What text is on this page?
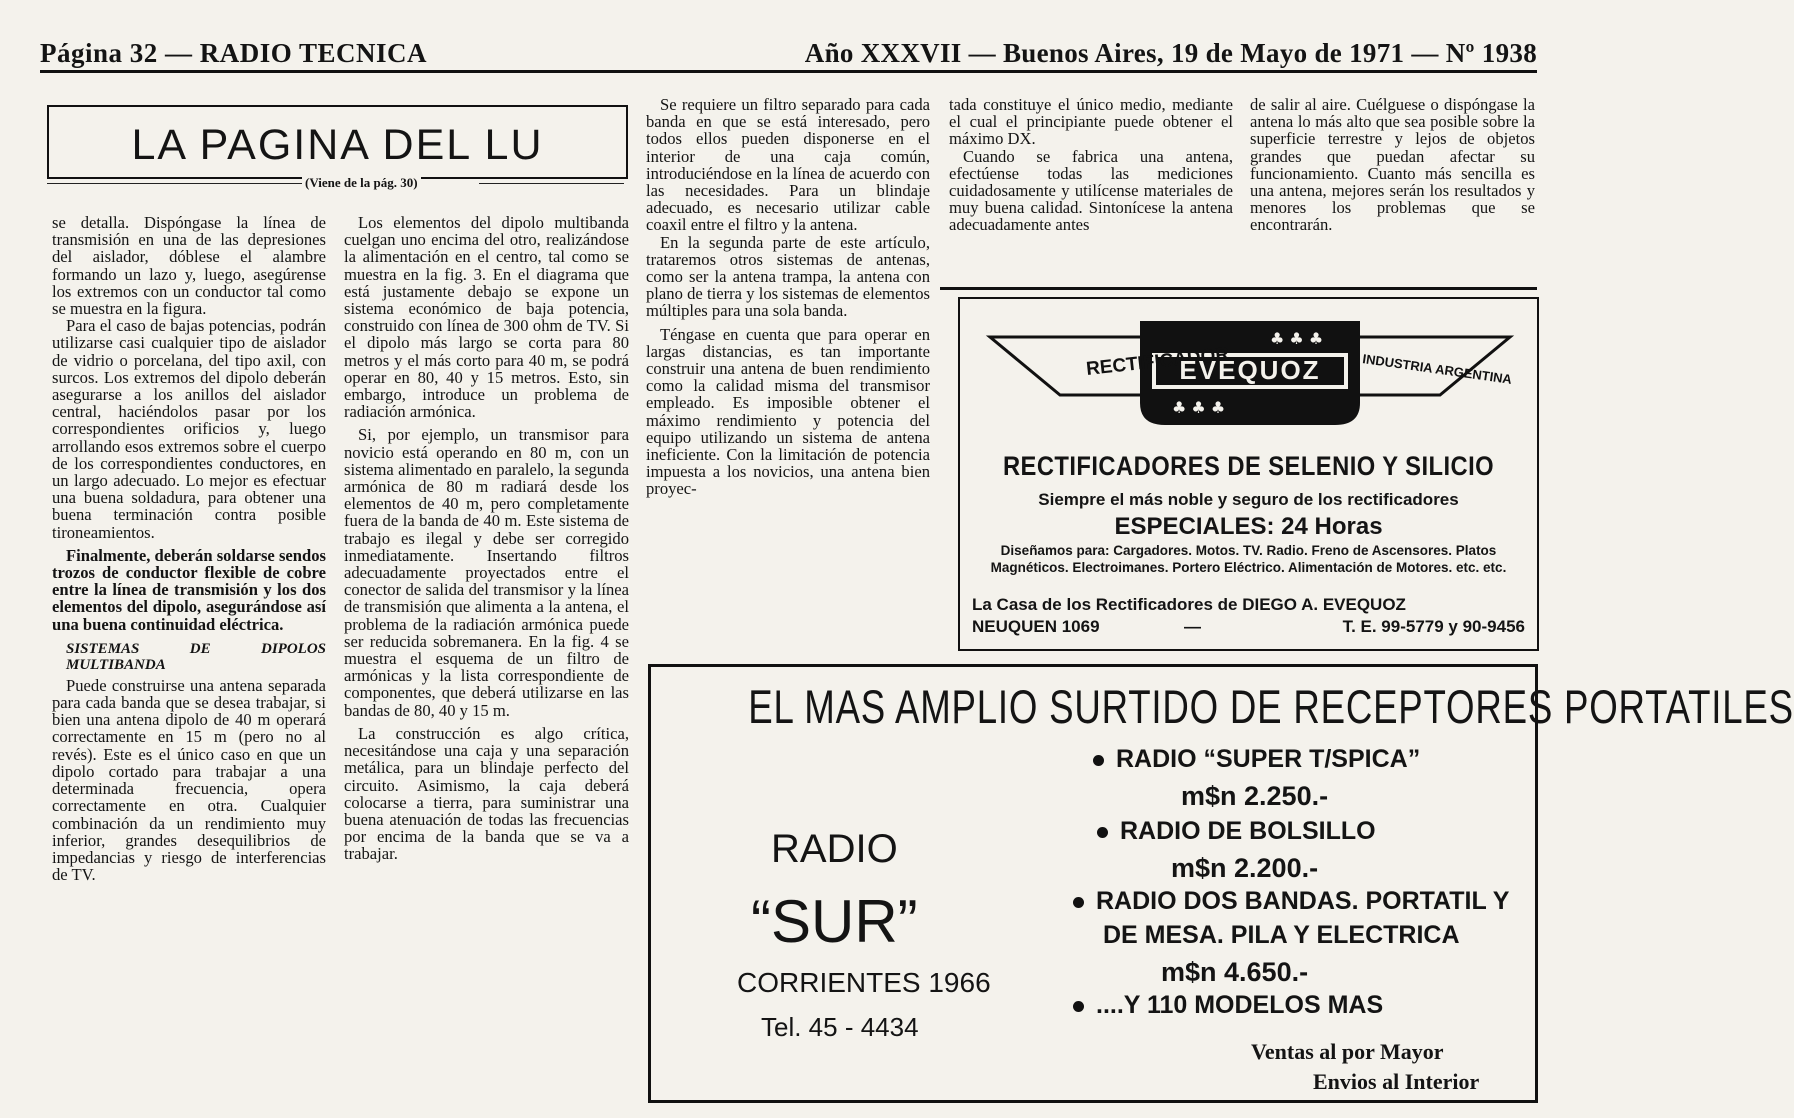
Página 32 — RADIO TECNICA	Año XXXVII — Buenos Aires, 19 de Mayo de 1971 — Nº 1938
LA PAGINA DEL LU
(Viene de la pág. 30)

se detalla. Dispóngase la línea de transmisión en una de las depresiones del aislador, dóblese el alambre formando un lazo y, luego, asegúrense los extremos con un conductor tal como se muestra en la figura.

Para el caso de bajas potencias, podrán utilizarse casi cualquier tipo de aislador de vidrio o porcelana, del tipo axil, con surcos. Los extremos del dipolo deberán asegurarse a los anillos del aislador central, haciéndolos pasar por los correspondientes orificios y, luego arrollando esos extremos sobre el cuerpo de los correspondientes conductores, en un largo adecuado. Lo mejor es efectuar una buena soldadura, para obtener una buena terminación contra posible tironeamientos.

Finalmente, deberán soldarse sendos trozos de conductor flexible de cobre entre la línea de transmisión y los dos elementos del dipolo, asegurándose así una buena continuidad eléctrica.

SISTEMAS DE DIPOLOS MULTIBANDA

Puede construirse una antena separada para cada banda que se desea trabajar, si bien una antena dipolo de 40 m operará correctamente en 15 m (pero no al revés). Este es el único caso en que un dipolo cortado para trabajar a una determinada frecuencia, opera correctamente en otra. Cualquier combinación da un rendimiento muy inferior, grandes desequilibrios de impedancias y riesgo de interferencias de TV.

Los elementos del dipolo multibanda cuelgan uno encima del otro, realizándose la alimentación en el centro, tal como se muestra en la fig. 3. En el diagrama que está justamente debajo se expone un sistema económico de baja potencia, construido con línea de 300 ohm de TV. Si el dipolo más largo se corta para 80 metros y el más corto para 40 m, se podrá operar en 80, 40 y 15 metros. Esto, sin embargo, introduce un problema de radiación armónica.

Si, por ejemplo, un transmisor para novicio está operando en 80 m, con un sistema alimentado en paralelo, la segunda armónica de 80 m radiará desde los elementos de 40 m, pero completamente fuera de la banda de 40 m. Este sistema de trabajo es ilegal y debe ser corregido inmediatamente. Insertando filtros adecuadamente proyectados entre el conector de salida del transmisor y la línea de transmisión que alimenta a la antena, el problema de la radiación armónica puede ser reducida sobremanera. En la fig. 4 se muestra el esquema de un filtro de armónicas y la lista correspondiente de componentes, que deberá utilizarse en las bandas de 80, 40 y 15 m.

La construcción es algo crítica, necesitándose una caja y una separación metálica, para un blindaje perfecto del circuito. Asimismo, la caja deberá colocarse a tierra, para suministrar una buena atenuación de todas las frecuencias por encima de la banda que se va a trabajar.

Se requiere un filtro separado para cada banda en que se está interesado, pero todos ellos pueden disponerse en el interior de una caja común, introduciéndose en la línea de acuerdo con las necesidades. Para un blindaje adecuado, es necesario utilizar cable coaxil entre el filtro y la antena.

En la segunda parte de este artículo, trataremos otros sistemas de antenas, como ser la antena trampa, la antena con plano de tierra y los sistemas de elementos múltiples para una sola banda.

Téngase en cuenta que para operar en largas distancias, es tan importante construir una antena de buen rendimiento como la calidad misma del transmisor empleado. Es imposible obtener el máximo rendimiento y potencia del equipo utilizando un sistema de antena ineficiente. Con la limitación de potencia impuesta a los novicios, una antena bien proyec-

tada constituye el único medio, mediante el cual el principiante puede obtener el máximo DX.

Cuando se fabrica una antena, efectúense todas las mediciones cuidadosamente y utilícense materiales de muy buena calidad. Sintonícese la antena adecuadamente antes

de salir al aire. Cuélguese o dispóngase la antena lo más alto que sea posible sobre la superficie terrestre y lejos de objetos grandes que puedan afectar su funcionamiento. Cuanto más sencilla es una antena, mejores serán los resultados y menores los problemas que se encontrarán.

RECTIFICADOR
EVEQUOZ	INDUSTRIA ARGENTINA
♣ ♣ ♣
♣ ♣ ♣
RECTIFICADORES DE SELENIO Y SILICIO
Siempre el más noble y seguro de los rectificadores
ESPECIALES: 24 Horas
Diseñamos para: Cargadores. Motos. TV. Radio. Freno de Ascensores. Platos Magnéticos. Electroimanes. Portero Eléctrico. Alimentación de Motores. etc. etc.
La Casa de los Rectificadores de DIEGO A. EVEQUOZ
NEUQUEN 1069	—	T. E. 99-5779 y 90-9456
EL MAS AMPLIO SURTIDO DE RECEPTORES PORTATILES
RADIO
“SUR”
CORRIENTES 1966
Tel. 45 - 4434
RADIO “SUPER T/SPICA”
m$n 2.250.-
RADIO DE BOLSILLO
m$n 2.200.-
RADIO DOS BANDAS. PORTATIL Y
DE MESA. PILA Y ELECTRICA
m$n 4.650.-
....Y 110 MODELOS MAS
Ventas al por Mayor
Envios al Interior
